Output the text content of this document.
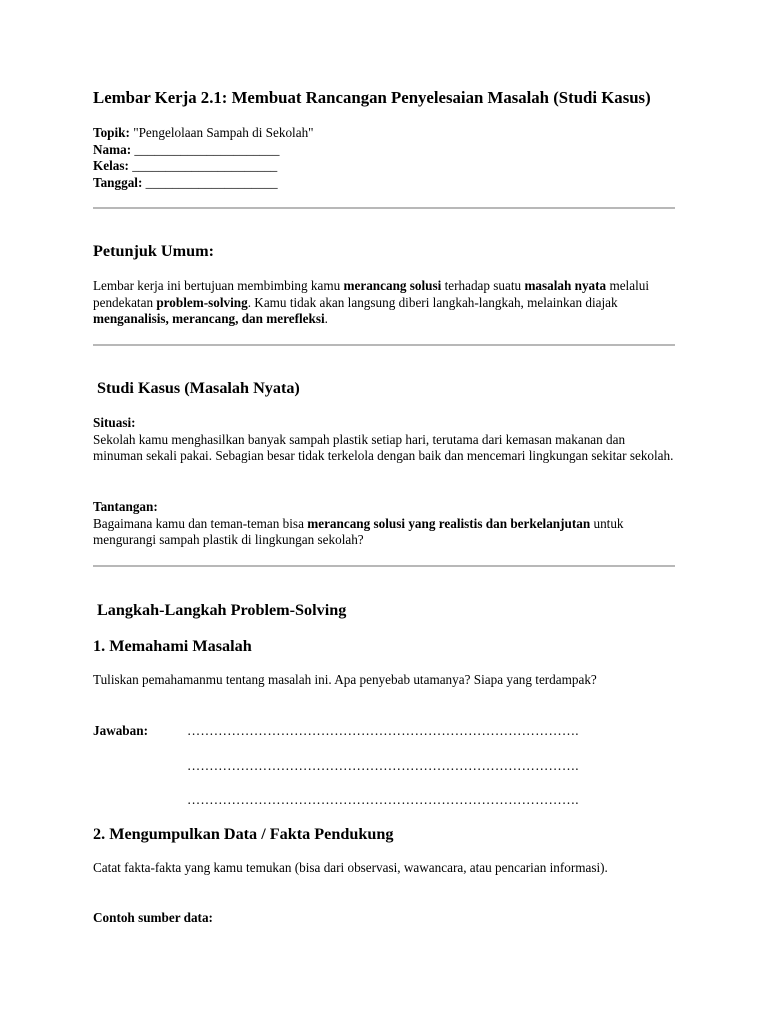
Lembar Kerja 2.1: Membuat Rancangan Penyelesaian Masalah (Studi Kasus)
Topik: "Pengelolaan Sampah di Sekolah"
Nama: ______________________
Kelas: ______________________
Tanggal: ____________________
Petunjuk Umum:

Lembar kerja ini bertujuan membimbing kamu merancang solusi terhadap suatu masalah nyata melalui pendekatan problem-solving. Kamu tidak akan langsung diberi langkah-langkah, melainkan diajak menganalisis, merancang, dan merefleksi.

Studi Kasus (Masalah Nyata)

Situasi:
Sekolah kamu menghasilkan banyak sampah plastik setiap hari, terutama dari kemasan makanan dan minuman sekali pakai. Sebagian besar tidak terkelola dengan baik dan mencemari lingkungan sekitar sekolah.

Tantangan:
Bagaimana kamu dan teman-teman bisa merancang solusi yang realistis dan berkelanjutan untuk mengurangi sampah plastik di lingkungan sekolah?

Langkah-Langkah Problem-Solving
1. Memahami Masalah

Tuliskan pemahamanmu tentang masalah ini. Apa penyebab utamanya? Siapa yang terdampak?

Jawaban:	…………………………………………………………………………….
…………………………………………………………………………….
…………………………………………………………………………….
2. Mengumpulkan Data / Fakta Pendukung

Catat fakta-fakta yang kamu temukan (bisa dari observasi, wawancara, atau pencarian informasi).

Contoh sumber data:
